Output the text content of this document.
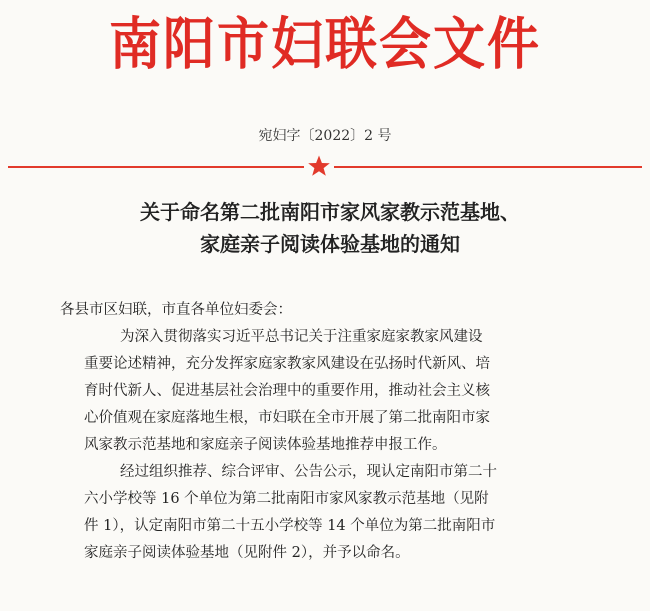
南阳市妇联会文件
宛妇字〔2022〕2 号
关于命名第二批南阳市家风家教示范基地、
家庭亲子阅读体验基地的通知

各县市区妇联，市直各单位妇委会：

为深入贯彻落实习近平总书记关于注重家庭家教家风建设

重要论述精神，充分发挥家庭家教家风建设在弘扬时代新风、培

育时代新人、促进基层社会治理中的重要作用，推动社会主义核

心价值观在家庭落地生根，市妇联在全市开展了第二批南阳市家

风家教示范基地和家庭亲子阅读体验基地推荐申报工作。

经过组织推荐、综合评审、公告公示，现认定南阳市第二十

六小学校等 16 个单位为第二批南阳市家风家教示范基地（见附

件 1），认定南阳市第二十五小学校等 14 个单位为第二批南阳市

家庭亲子阅读体验基地（见附件 2），并予以命名。
